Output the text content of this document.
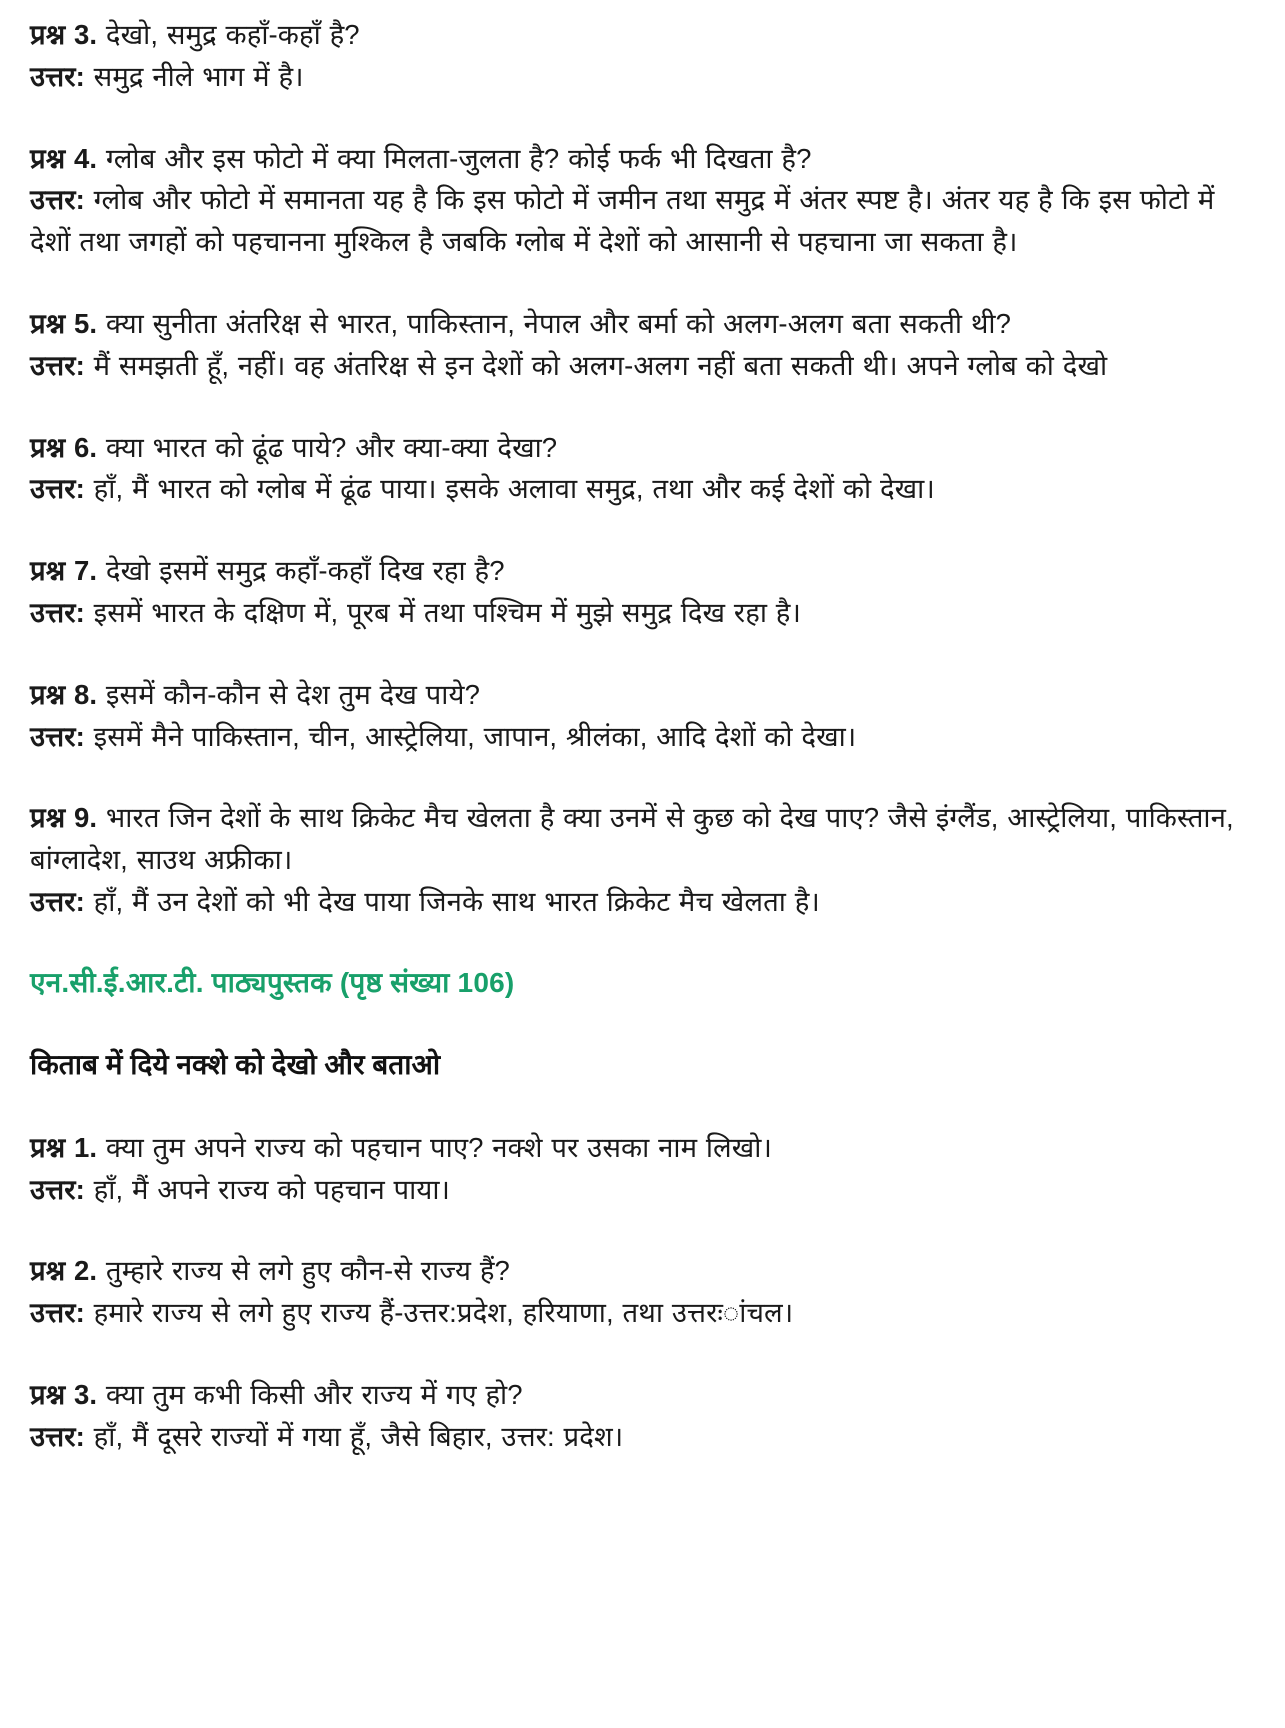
प्रश्न 3. देखो, समुद्र कहाँ-कहाँ है?

उत्तर: समुद्र नीले भाग में है।

प्रश्न 4. ग्लोब और इस फोटो में क्या मिलता-जुलता है? कोई फर्क भी दिखता है?

उत्तर: ग्लोब और फोटो में समानता यह है कि इस फोटो में जमीन तथा समुद्र में अंतर स्पष्ट है। अंतर यह है कि इस फोटो में देशों तथा जगहों को पहचानना मुश्किल है जबकि ग्लोब में देशों को आसानी से पहचाना जा सकता है।

प्रश्न 5. क्या सुनीता अंतरिक्ष से भारत, पाकिस्तान, नेपाल और बर्मा को अलग-अलग बता सकती थी?

उत्तर: मैं समझती हूँ, नहीं। वह अंतरिक्ष से इन देशों को अलग-अलग नहीं बता सकती थी। अपने ग्लोब को देखो

प्रश्न 6. क्या भारत को ढूंढ पाये? और क्या-क्या देखा?

उत्तर: हाँ, मैं भारत को ग्लोब में ढूंढ पाया। इसके अलावा समुद्र, तथा और कई देशों को देखा।

प्रश्न 7. देखो इसमें समुद्र कहाँ-कहाँ दिख रहा है?

उत्तर: इसमें भारत के दक्षिण में, पूरब में तथा पश्चिम में मुझे समुद्र दिख रहा है।

प्रश्न 8. इसमें कौन-कौन से देश तुम देख पाये?

उत्तर: इसमें मैने पाकिस्तान, चीन, आस्ट्रेलिया, जापान, श्रीलंका, आदि देशों को देखा।

प्रश्न 9. भारत जिन देशों के साथ क्रिकेट मैच खेलता है क्या उनमें से कुछ को देख पाए? जैसे इंग्लैंड, आस्ट्रेलिया, पाकिस्तान, बांग्लादेश, साउथ अफ्रीका।

उत्तर: हाँ, मैं उन देशों को भी देख पाया जिनके साथ भारत क्रिकेट मैच खेलता है।

एन.सी.ई.आर.टी. पाठ्यपुस्तक (पृष्ठ संख्या 106)
किताब में दिये नक्शे को देखो और बताओ

प्रश्न 1. क्या तुम अपने राज्य को पहचान पाए? नक्शे पर उसका नाम लिखो।

उत्तर: हाँ, मैं अपने राज्य को पहचान पाया।

प्रश्न 2. तुम्हारे राज्य से लगे हुए कौन-से राज्य हैं?

उत्तर: हमारे राज्य से लगे हुए राज्य हैं-उत्तर:प्रदेश, हरियाणा, तथा उत्तरःांचल।

प्रश्न 3. क्या तुम कभी किसी और राज्य में गए हो?

उत्तर: हाँ, मैं दूसरे राज्यों में गया हूँ, जैसे बिहार, उत्तर: प्रदेश।
